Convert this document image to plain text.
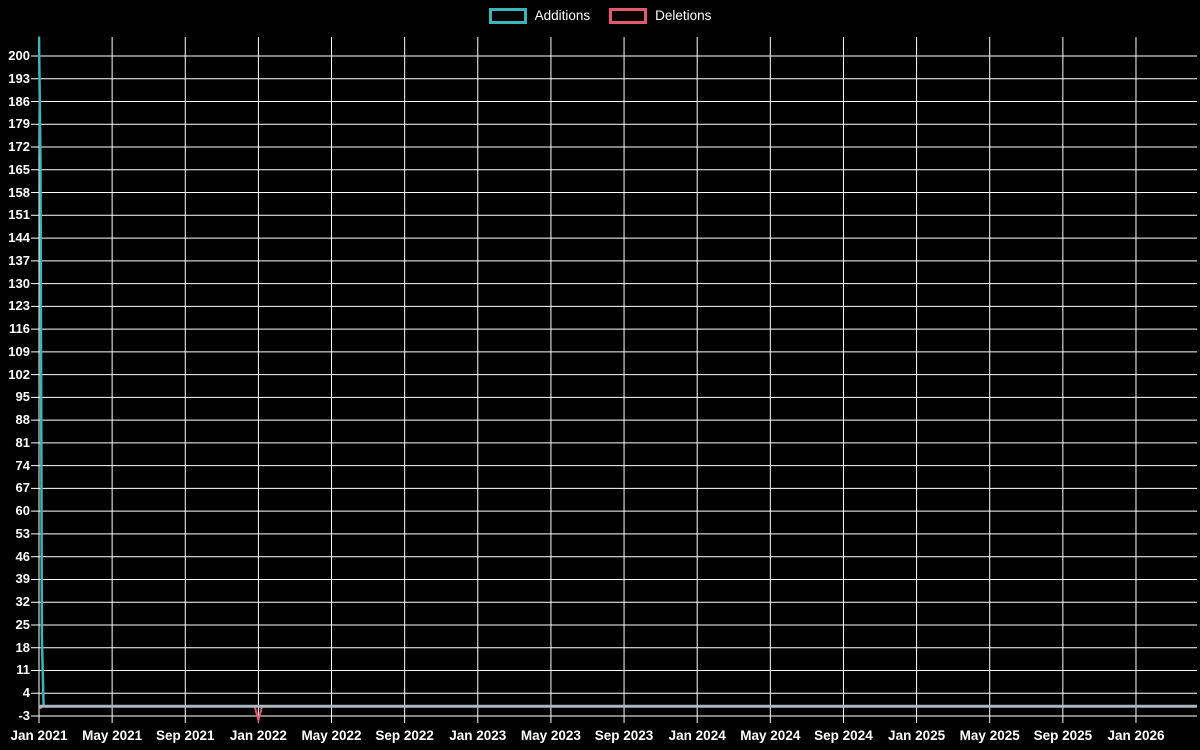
Additions	Deletions
200
193
186
179
172
165
158
151
144
137
130
123
116
109
102
95
88
81
74
67
60
53
46
39
32
25
18
11
4
-3
Jan 2021 May 2021 Sep 2021 Jan 2022 May 2022 Sep 2022 Jan 2023 May 2023 Sep 2023 Jan 2024 May 2024 Sep 2024 Jan 2025 May 2025 Sep 2025 Jan 2026
